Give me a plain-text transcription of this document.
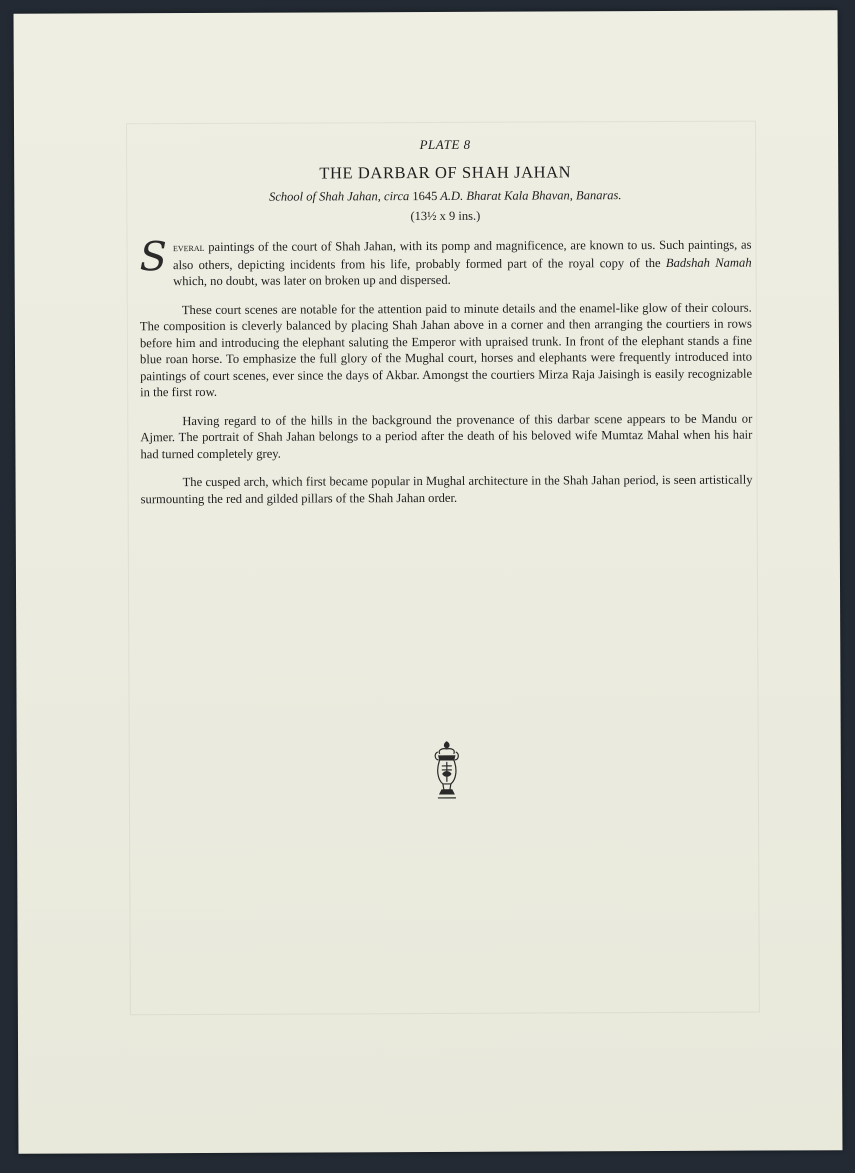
PLATE 8

THE DARBAR OF SHAH JAHAN

School of Shah Jahan, circa 1645 A.D. Bharat Kala Bhavan, Banaras.

(13½ x 9 ins.)

Several paintings of the court of Shah Jahan, with its pomp and magnificence, are known to us. Such paintings, as also others, depicting incidents from his life, probably formed part of the royal copy of the Badshah Namah which, no doubt, was later on broken up and dispersed.

These court scenes are notable for the attention paid to minute details and the enamel-like glow of their colours. The composition is cleverly balanced by placing Shah Jahan above in a corner and then arranging the courtiers in rows before him and introducing the elephant saluting the Emperor with upraised trunk. In front of the elephant stands a fine blue roan horse. To emphasize the full glory of the Mughal court, horses and elephants were frequently introduced into paintings of court scenes, ever since the days of Akbar. Amongst the courtiers Mirza Raja Jaisingh is easily recognizable in the first row.

Having regard to of the hills in the background the provenance of this darbar scene appears to be Mandu or Ajmer. The portrait of Shah Jahan belongs to a period after the death of his beloved wife Mumtaz Mahal when his hair had turned completely grey.

The cusped arch, which first became popular in Mughal architecture in the Shah Jahan period, is seen artistically surmounting the red and gilded pillars of the Shah Jahan order.
